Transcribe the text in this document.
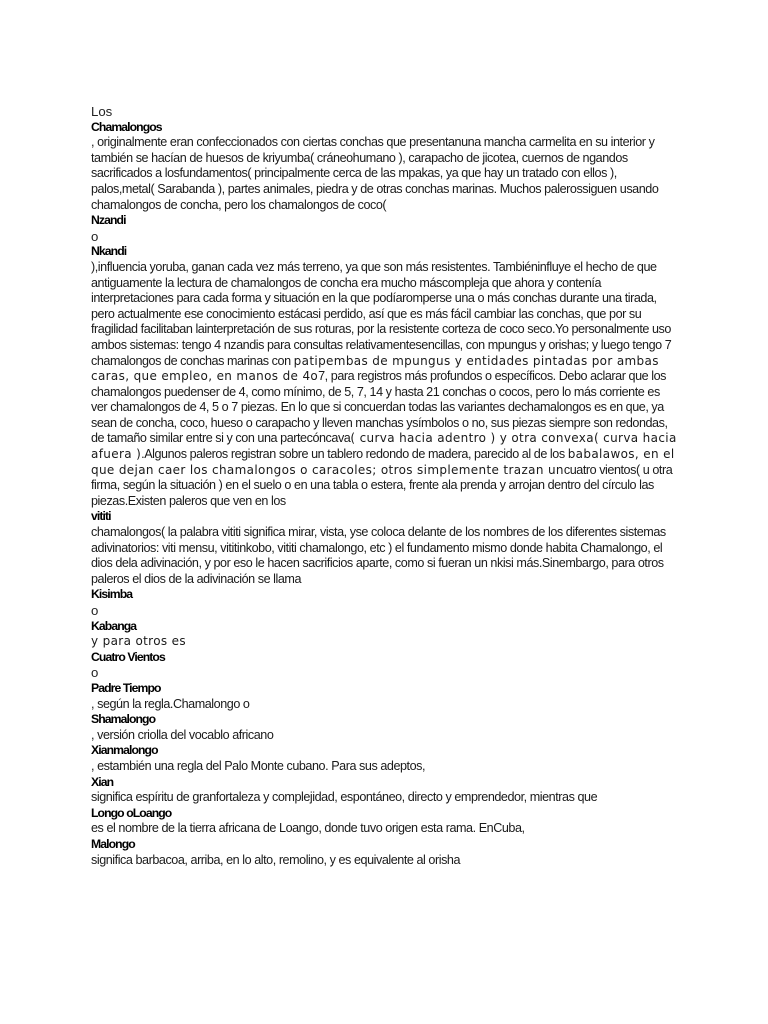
Los
Chamalongos
, originalmente eran confeccionados con ciertas conchas que presentanuna mancha carmelita en su interior y
también se hacían de huesos de kriyumba( cráneohumano ), carapacho de jicotea, cuernos de ngandos
sacrificados a losfundamentos( principalmente cerca de las mpakas, ya que hay un tratado con ellos ),
palos,metal( Sarabanda ), partes animales, piedra y de otras conchas marinas. Muchos palerossiguen usando
chamalongos de concha, pero los chamalongos de coco(
Nzandi
o
Nkandi
),influencia yoruba, ganan cada vez más terreno, ya que son más resistentes. Tambiéninfluye el hecho de que
antiguamente la lectura de chamalongos de concha era mucho máscompleja que ahora y contenía
interpretaciones para cada forma y situación en la que podíaromperse una o más conchas durante una tirada,
pero actualmente ese conocimiento estácasi perdido, así que es más fácil cambiar las conchas, que por su
fragilidad facilitaban lainterpretación de sus roturas, por la resistente corteza de coco seco.Yo personalmente uso
ambos sistemas: tengo 4 nzandis para consultas relativamentesencillas, con mpungus y orishas; y luego tengo 7
chamalongos de conchas marinas con patipembas de mpungus y entidades pintadas por ambas
caras, que empleo, en manos de 4o7, para registros más profundos o específicos. Debo aclarar que los
chamalongos puedenser de 4, como mínimo, de 5, 7, 14 y hasta 21 conchas o cocos, pero lo más corriente es
ver chamalongos de 4, 5 o 7 piezas. En lo que si concuerdan todas las variantes dechamalongos es en que, ya
sean de concha, coco, hueso o carapacho y lleven manchas ysímbolos o no, sus piezas siempre son redondas,
de tamaño similar entre si y con una partecóncava( curva hacia adentro ) y otra convexa( curva hacia
afuera ).Algunos paleros registran sobre un tablero redondo de madera, parecido al de los babalawos, en el
que dejan caer los chamalongos o caracoles; otros simplemente trazan uncuatro vientos( u otra
firma, según la situación ) en el suelo o en una tabla o estera, frente ala prenda y arrojan dentro del círculo las
piezas.Existen paleros que ven en los
vititi
chamalongos( la palabra vititi significa mirar, vista, yse coloca delante de los nombres de los diferentes sistemas
adivinatorios: viti mensu, vititinkobo, vititi chamalongo, etc ) el fundamento mismo donde habita Chamalongo, el
dios dela adivinación, y por eso le hacen sacrificios aparte, como si fueran un nkisi más.Sinembargo, para otros
paleros el dios de la adivinación se llama
Kisimba
o
Kabanga
y para otros es
Cuatro Vientos
o
Padre Tiempo
, según la regla.Chamalongo o
Shamalongo
, versión criolla del vocablo africano
Xianmalongo
, estambién una regla del Palo Monte cubano. Para sus adeptos,
Xian
significa espíritu de granfortaleza y complejidad, espontáneo, directo y emprendedor, mientras que
Longo oLoango
es el nombre de la tierra africana de Loango, donde tuvo origen esta rama. EnCuba,
Malongo
significa barbacoa, arriba, en lo alto, remolino, y es equivalente al orisha
